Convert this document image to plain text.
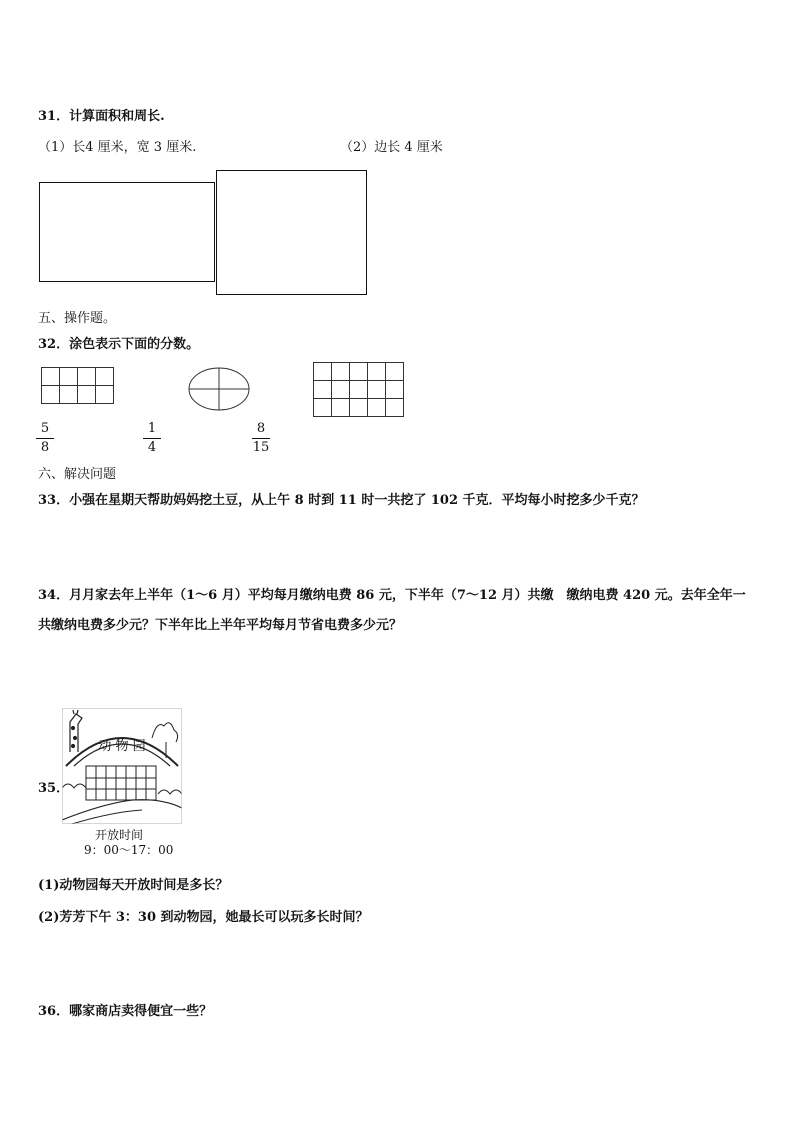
31．计算面积和周长.
（1）长4 厘米，宽 3 厘米.	（2）边长 4 厘米
五、操作题。
32．涂色表示下面的分数。

5
8
1
4
8
15
六、解决问题
33．小强在星期天帮助妈妈挖土豆，从上午 8 时到 11 时一共挖了 102 千克．平均每小时挖多少千克？
34．月月家去年上半年（1～6 月）平均每月缴纳电费 86 元，下半年（7～12 月）共缴　缴纳电费 420 元。去年全年一
共缴纳电费多少元？下半年比上半年平均每月节省电费多少元？
35．
动 物 园
开放时间
9：00～17：00
(1)动物园每天开放时间是多长？
(2)芳芳下午 3：30 到动物园，她最长可以玩多长时间？
36．哪家商店卖得便宜一些？
